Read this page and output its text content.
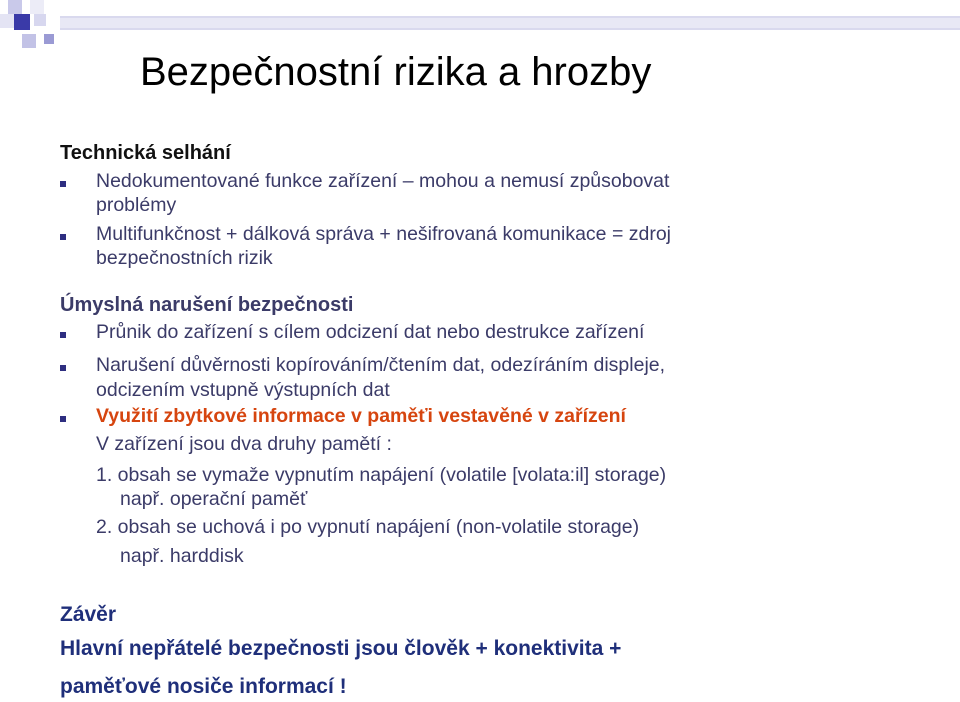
Bezpečnostní rizika a hrozby
Technická selhání
Nedokumentované funkce zařízení – mohou a nemusí způsobovat
problémy
Multifunkčnost + dálková správa + nešifrovaná komunikace = zdroj
bezpečnostních rizik
Úmyslná narušení bezpečnosti
Průnik do zařízení s cílem odcizení dat nebo destrukce zařízení
Narušení důvěrnosti kopírováním/čtením dat, odezíráním displeje,
odcizením vstupně výstupních dat
Využití zbytkové informace v paměťi vestavěné v zařízení
V zařízení jsou dva druhy pamětí :
1. obsah se vymaže vypnutím napájení (volatile [volata:il] storage)
např. operační paměť
2. obsah se uchová i po vypnutí napájení (non-volatile storage)
např. harddisk
Závěr
Hlavní nepřátelé bezpečnosti jsou člověk + konektivita +
paměťové nosiče informací !
